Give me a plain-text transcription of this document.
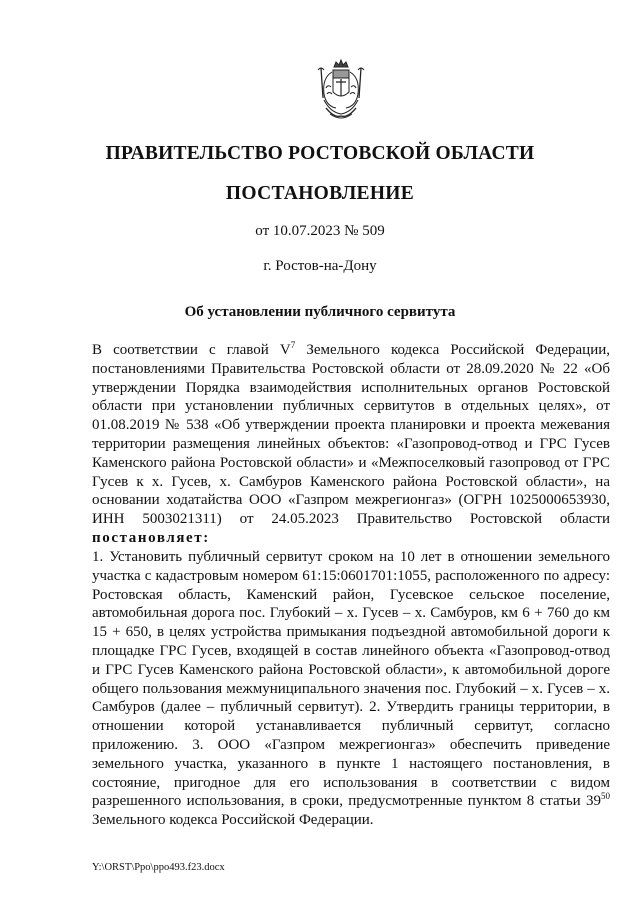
ПРАВИТЕЛЬСТВО РОСТОВСКОЙ ОБЛАСТИ
ПОСТАНОВЛЕНИЕ
от 10.07.2023 № 509
г. Ростов-на-Дону
Об установлении публичного сервитута
В соответствии с главой $V^7$ Земельного кодекса Российской Федерации, постановлениями Правительства Ростовской области от 28.09.2020 № 22 «Об утверждении Порядка взаимодействия исполнительных органов Ростовской области при установлении публичных сервитутов в отдельных целях», от 01.08.2019 № 538 «Об утверждении проекта планировки и проекта межевания территории размещения линейных объектов: «Газопровод-отвод и ГРС Гусев Каменского района Ростовской области» и «Межпоселковый газопровод от ГРС Гусев к х. Гусев, х. Самбуров Каменского района Ростовской области», на основании ходатайства ООО «Газпром межрегионгаз» (ОГРН 1025000653930, ИНН 5003021311) от 24.05.2023 Правительство Ростовской области постановляет:
1. Установить публичный сервитут сроком на 10 лет в отношении земельного участка с кадастровым номером 61:15:0601701:1055, расположенного по адресу: Ростовская область, Каменский район, Гусевское сельское поселение, автомобильная дорога пос. Глубокий – х. Гусев – х. Самбуров, км 6 + 760 до км 15 + 650, в целях устройства примыкания подъездной автомобильной дороги к площадке ГРС Гусев, входящей в состав линейного объекта «Газопровод-отвод и ГРС Гусев Каменского района Ростовской области», к автомобильной дороге общего пользования межмуниципального значения пос. Глубокий – х. Гусев – х. Самбуров (далее – публичный сервитут). 2. Утвердить границы территории, в отношении которой устанавливается публичный сервитут, согласно приложению. 3. ООО «Газпром межрегионгаз» обеспечить приведение земельного участка, указанного в пункте 1 настоящего постановления, в состояние, пригодное для его использования в соответствии с видом разрешенного использования, в сроки, предусмотренные пунктом 8 статьи $39^{50}$ Земельного кодекса Российской Федерации.
Y:\ORST\Ppo\ppo493.f23.docx
